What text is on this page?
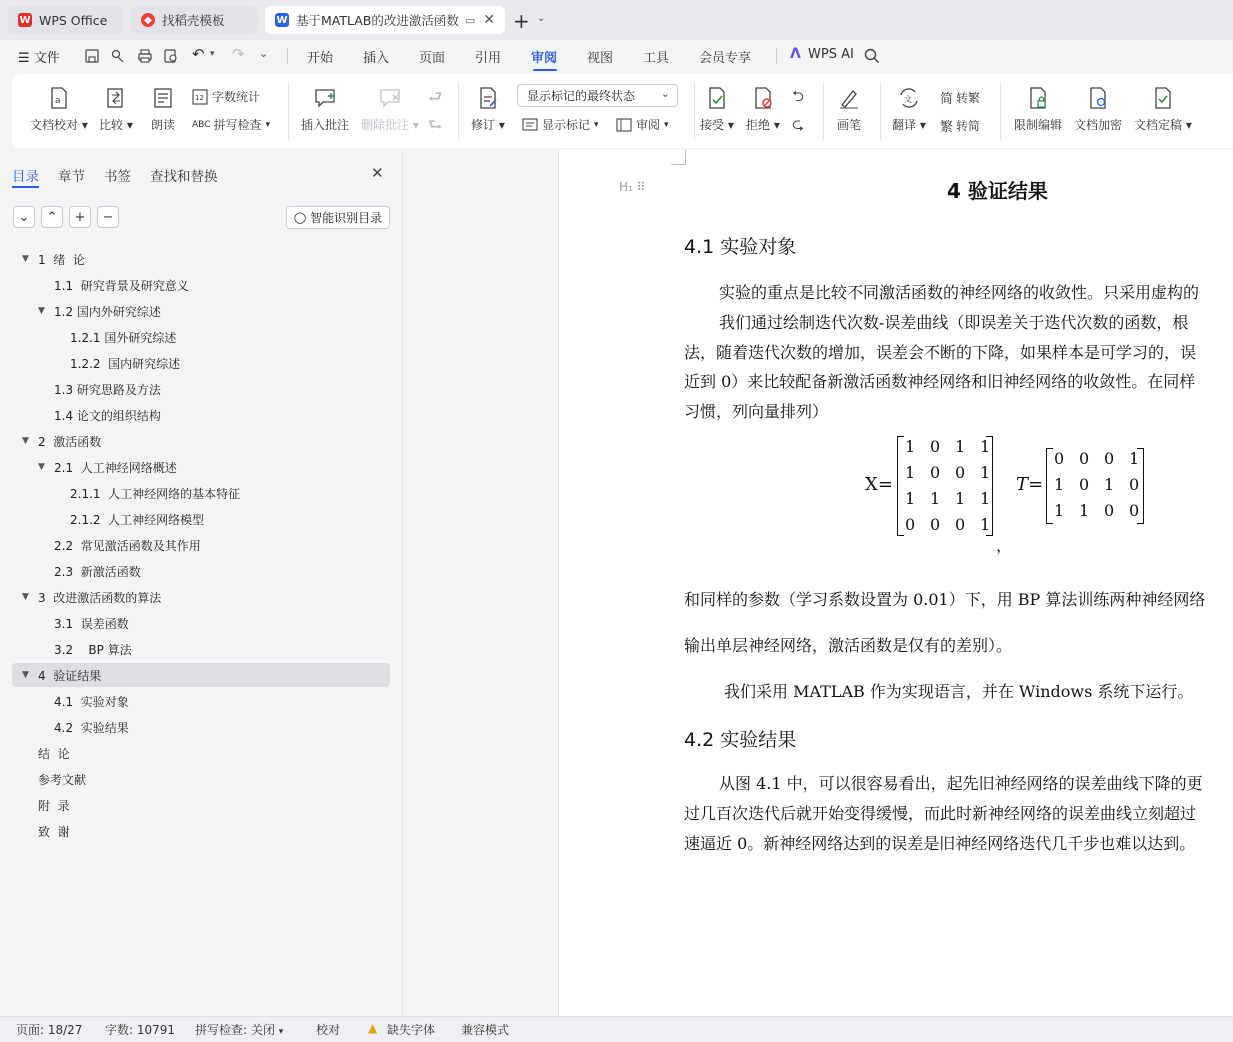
W WPS Office	◆ 找稻壳模板	W 基于MATLAB的改进激活函数 ▭ ✕ + ⌄
☰ 文件	↶ ▾ ↷ ⌄	开始 插入 页面 引用 审阅 视图 工具 会员专享	ᐱ WPS AI
a
文档校对 ▾ 比较 ▾ 朗读
12 字数统计
ABC 拼写检查 ▾	插入批注 删除批注 ▾
⮐
⮑ 修订 ▾
显示标记的最终状态 ⌄
显示标记 ▾	审阅 ▾	接受 ▾ 拒绝 ▾
⮌
⮎	画笔
文
翻译 ▾
简 转繁
繁 转简	限制编辑 文档加密 文档定稿 ▾
目录 章节 书签 查找和替换	✕
⌄ ⌃ + −	◯ 智能识别目录
▼ 1  绪  论
1.1  研究背景及研究意义
▼ 1.2 国内外研究综述
1.2.1 国外研究综述
1.2.2  国内研究综述
1.3 研究思路及方法
1.4 论文的组织结构
▼ 2  激活函数
▼ 2.1  人工神经网络概述
2.1.1  人工神经网络的基本特征
2.1.2  人工神经网络模型
2.2  常见激活函数及其作用
2.3  新激活函数
▼ 3  改进激活函数的算法
3.1  误差函数
3.2    BP 算法
▼ 4  验证结果
4.1  实验对象
4.2  实验结果
结  论
参考文献
附  录
致  谢
H₁ ⠿	4 验证结果
4.1 实验对象
实验的重点是比较不同激活函数的神经网络的收敛性。只采用虚构的
我们通过绘制迭代次数-误差曲线（即误差关于迭代次数的函数，根
法，随着迭代次数的增加，误差会不断的下降，如果样本是可学习的，误
近到 0）来比较配备新激活函数神经网络和旧神经网络的收敛性。在同样
习惯，列向量排列）
X=
1 0 1 1
1 0 0 1
1 1 1 1
0 0 0 1
，
T=
0 0 0 1
1 0 1 0
1 1 0 0
和同样的参数（学习系数设置为 0.01）下，用 BP 算法训练两种神经网络
输出单层神经网络，激活函数是仅有的差别）。
我们采用 MATLAB 作为实现语言，并在 Windows 系统下运行。
4.2 实验结果
从图 4.1 中，可以很容易看出，起先旧神经网络的误差曲线下降的更
过几百次迭代后就开始变得缓慢，而此时新神经网络的误差曲线立刻超过
速逼近 0。新神经网络达到的误差是旧神经网络迭代几千步也难以达到。
页面: 18/27 字数: 10791 拼写检查: 关闭 ▾	校对 ▲ 缺失字体 兼容模式
